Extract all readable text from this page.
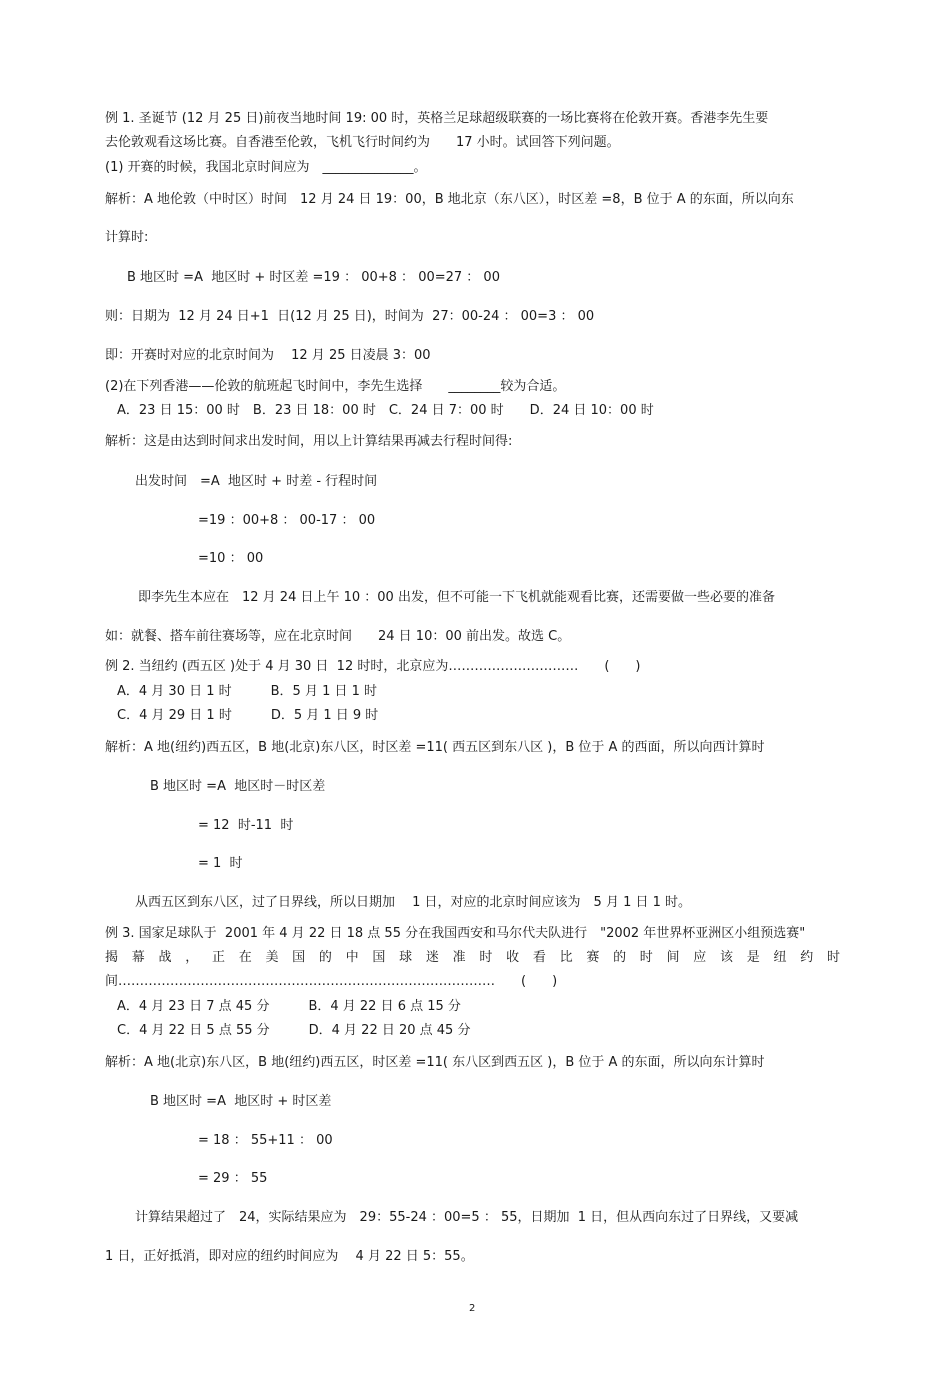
例 1. 圣诞节 (12 月 25 日)前夜当地时间 19: 00 时，英格兰足球超级联赛的一场比赛将在伦敦开赛。香港李先生要
去伦敦观看这场比赛。自香港至伦敦，飞机飞行时间约为　　17 小时。试回答下列问题。
(1) 开赛的时候，我国北京时间应为　______________。
解析：A 地伦敦（中时区）时间　12 月 24 日 19：00，B 地北京（东八区），时区差 =8，B 位于 A 的东面，所以向东
计算时:
B 地区时 =A  地区时 + 时区差 =19 ： 00+8 ： 00=27 ： 00
则：日期为  12 月 24 日+1  日(12 月 25 日)，时间为  27：00-24 ： 00=3 ： 00
即：开赛时对应的北京时间为　 12 月 25 日凌晨 3：00
(2)在下列香港——伦敦的航班起飞时间中，李先生选择　　________较为合适。
A．23 日 15：00 时　B．23 日 18：00 时　C．24 日 7：00 时　　D．24 日 10：00 时
解析：这是由达到时间求出发时间，用以上计算结果再减去行程时间得:
出发时间　=A  地区时 + 时差 - 行程时间
=19 ：00+8 ： 00-17 ： 00
=10 ： 00
即李先生本应在　12 月 24 日上午 10 ：00 出发，但不可能一下飞机就能观看比赛，还需要做一些必要的准备
如：就餐、搭车前往赛场等，应在北京时间　　24 日 10：00 前出发。故选 C。
例 2. 当纽约 (西五区 )处于 4 月 30 日  12 时时，北京应为…………………………　　(　　)
A．4 月 30 日 1 时　　　B．5 月 1 日 1 时
C．4 月 29 日 1 时　　　D．5 月 1 日 9 时
解析：A 地(纽约)西五区，B 地(北京)东八区，时区差 =11( 西五区到东八区 )，B 位于 A 的西面，所以向西计算时
B 地区时 =A  地区时－时区差
= 12  时-11  时
= 1  时
从西五区到东八区，过了日界线，所以日期加　 1 日，对应的北京时间应该为　5 月 1 日 1 时。
例 3. 国家足球队于  2001 年 4 月 22 日 18 点 55 分在我国西安和马尔代夫队进行　"2002 年世界杯亚洲区小组预选赛"
揭 幕 战 ， 正 在 美 国 的 中 国 球 迷 准 时 收 看 比 赛 的 时 间 应 该 是 纽 约 时
间……………………………………………………………………………　　(　　)
A．4 月 23 日 7 点 45 分　　　B．4 月 22 日 6 点 15 分
C．4 月 22 日 5 点 55 分　　　D．4 月 22 日 20 点 45 分
解析：A 地(北京)东八区，B 地(纽约)西五区，时区差 =11( 东八区到西五区 )，B 位于 A 的东面，所以向东计算时
B 地区时 =A  地区时 + 时区差
= 18 ： 55+11 ： 00
= 29 ： 55
计算结果超过了　24，实际结果应为　29：55-24 ：00=5 ： 55，日期加  1 日，但从西向东过了日界线，又要减
1 日，正好抵消，即对应的纽约时间应为　 4 月 22 日 5：55。
2
